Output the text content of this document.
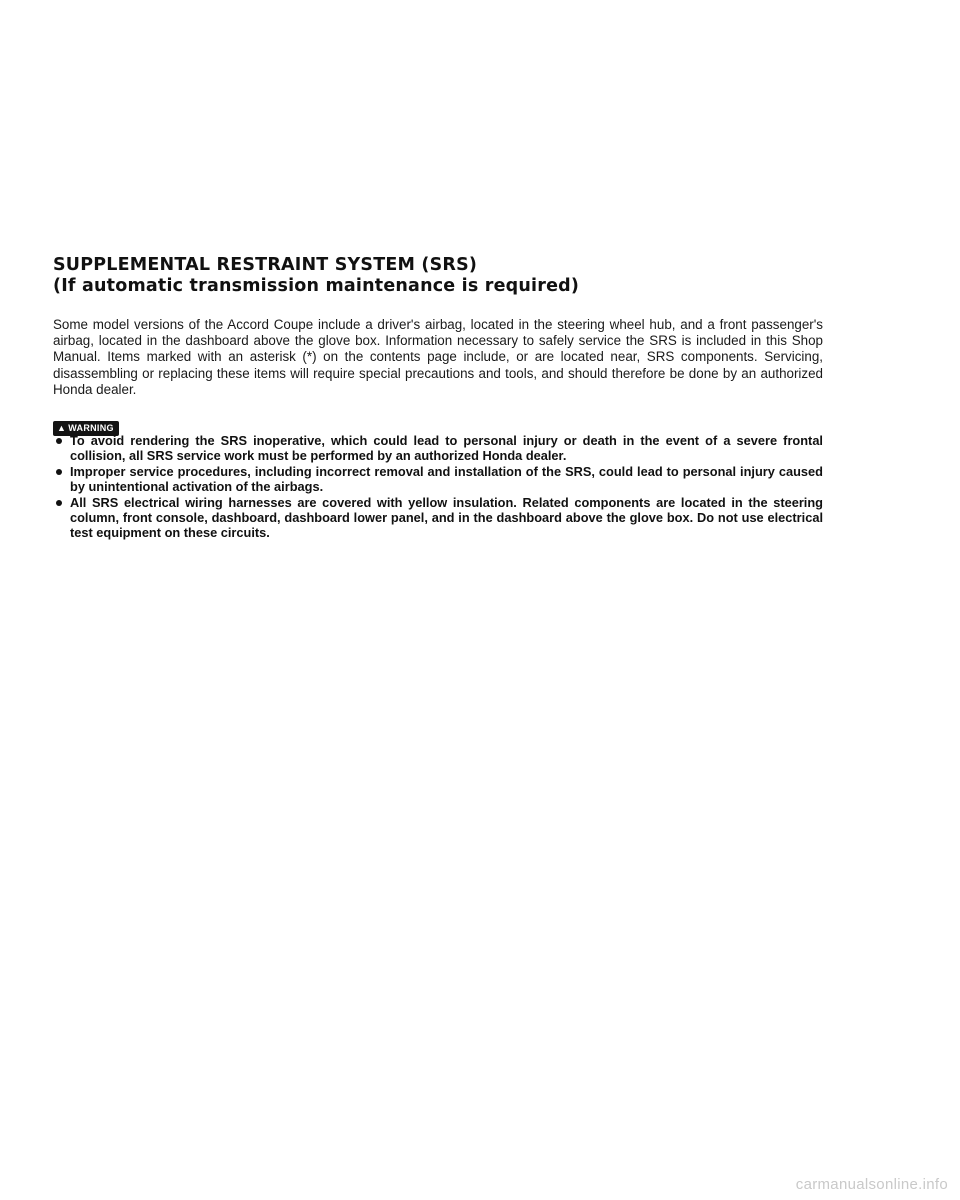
SUPPLEMENTAL RESTRAINT SYSTEM (SRS)
(If automatic transmission maintenance is required)

Some model versions of the Accord Coupe include a driver's airbag, located in the steering wheel hub, and a front passenger's airbag, located in the dashboard above the glove box. Information necessary to safely service the SRS is included in this Shop Manual. Items marked with an asterisk (*) on the contents page include, or are located near, SRS components. Servicing, disassembling or replacing these items will require special precautions and tools, and should therefore be done by an authorized Honda dealer.

▲ WARNING
To avoid rendering the SRS inoperative, which could lead to personal injury or death in the event of a severe frontal collision, all SRS service work must be performed by an authorized Honda dealer.
Improper service procedures, including incorrect removal and installation of the SRS, could lead to personal injury caused by unintentional activation of the airbags.
All SRS electrical wiring harnesses are covered with yellow insulation. Related components are located in the steering column, front console, dashboard, dashboard lower panel, and in the dashboard above the glove box. Do not use electrical test equipment on these circuits.
carmanualsonline.info
